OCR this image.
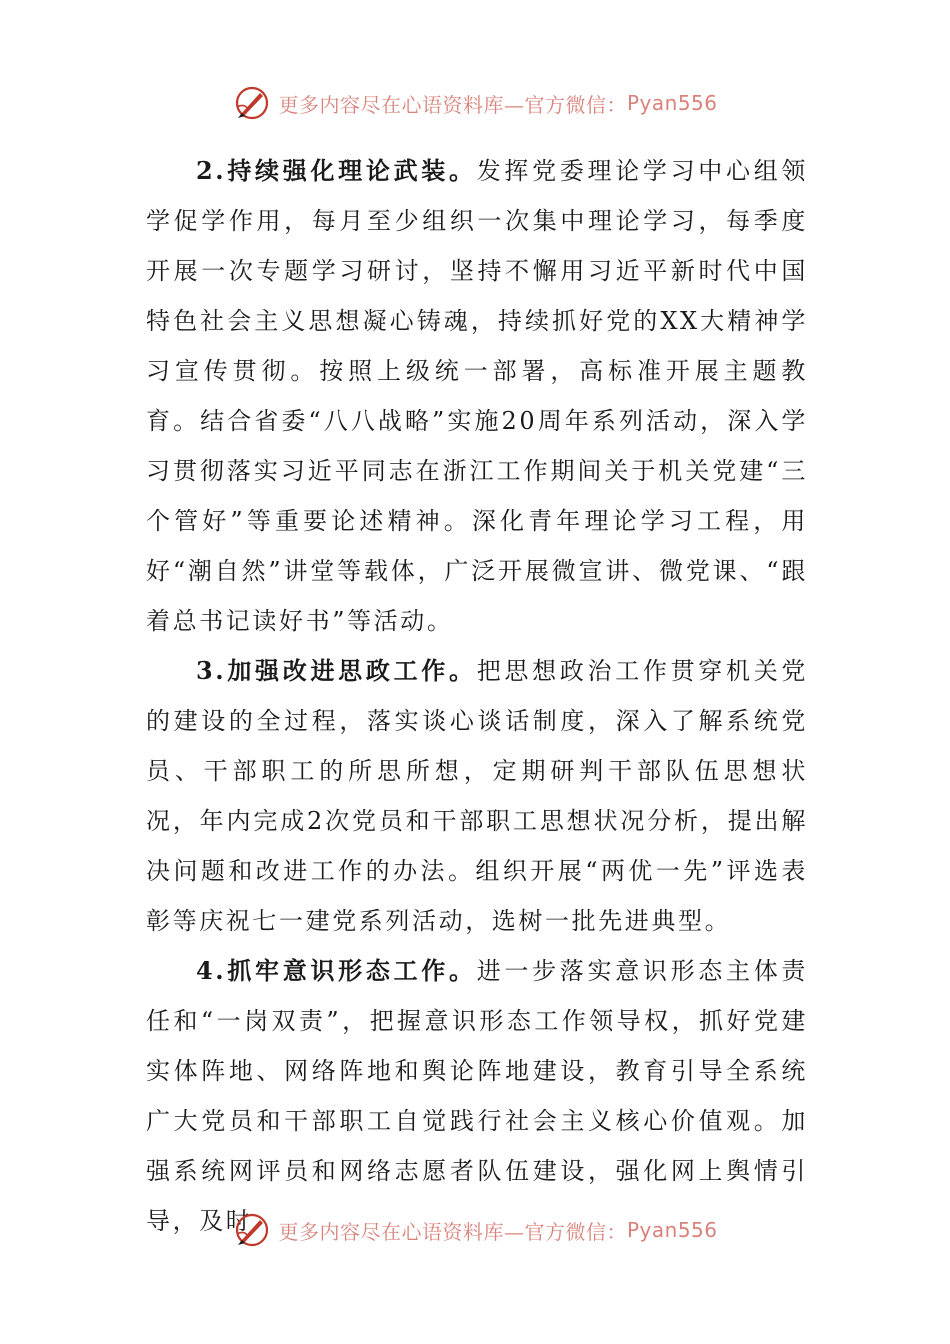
更多内容尽在心语资料库—官方微信： Pyan556

2.持续强化理论武装。发挥党委理论学习中心组领学促学作用，每月至少组织一次集中理论学习，每季度开展一次专题学习研讨，坚持不懈用习近平新时代中国特色社会主义思想凝心铸魂，持续抓好党的XX大精神学习宣传贯彻。按照上级统一部署，高标准开展主题教育。结合省委“八八战略”实施20周年系列活动，深入学习贯彻落实习近平同志在浙江工作期间关于机关党建“三个管好”等重要论述精神。深化青年理论学习工程，用好“潮自然”讲堂等载体，广泛开展微宣讲、微党课、“跟着总书记读好书”等活动。

3.加强改进思政工作。把思想政治工作贯穿机关党的建设的全过程，落实谈心谈话制度，深入了解系统党员、干部职工的所思所想，定期研判干部队伍思想状况，年内完成2次党员和干部职工思想状况分析，提出解决问题和改进工作的办法。组织开展“两优一先”评选表彰等庆祝七一建党系列活动，选树一批先进典型。

4.抓牢意识形态工作。进一步落实意识形态主体责任和“一岗双责”，把握意识形态工作领导权，抓好党建实体阵地、网络阵地和舆论阵地建设，教育引导全系统广大党员和干部职工自觉践行社会主义核心价值观。加强系统网评员和网络志愿者队伍建设，强化网上舆情引导，及时	更多内容尽在心语资料库—官方微信： Pyan556
